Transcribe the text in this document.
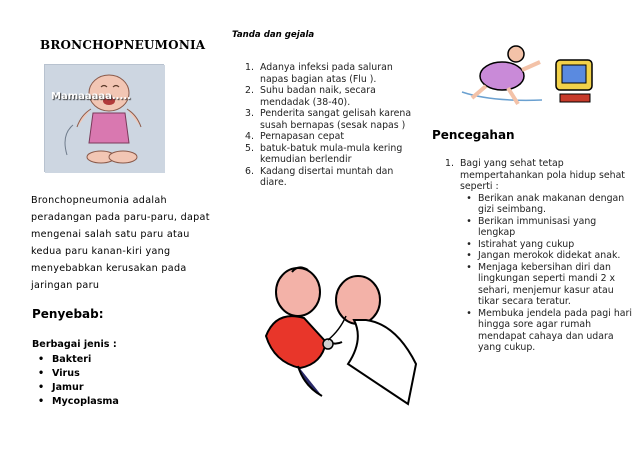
BRONCHOPNEUMONIA
Mamaaaaa.....
Bronchopneumonia adalah peradangan pada paru-paru, dapat mengenai salah satu paru atau kedua paru kanan-kiri yang menyebabkan kerusakan pada jaringan paru
Penyebab:
Berbagai jenis :
• Bakteri
• Virus
• Jamur
• Mycoplasma
Tanda dan gejala
1. Adanya infeksi pada saluran napas bagian atas (Flu ).
2. Suhu badan naik, secara mendadak (38-40).
3. Penderita sangat gelisah karena susah bernapas (sesak napas )
4. Pernapasan cepat
5. batuk-batuk mula-mula kering kemudian berlendir
6. Kadang disertai muntah dan diare.
Pencegahan
1. Bagi yang sehat tetap mempertahankan pola hidup sehat seperti :
• Berikan anak makanan dengan gizi seimbang.
• Berikan immunisasi yang lengkap
• Istirahat yang cukup
• Jangan merokok didekat anak.
• Menjaga kebersihan diri dan lingkungan seperti mandi 2 x sehari, menjemur kasur atau tikar secara teratur.
• Membuka jendela pada pagi hari hingga sore agar rumah mendapat cahaya dan udara yang cukup.
